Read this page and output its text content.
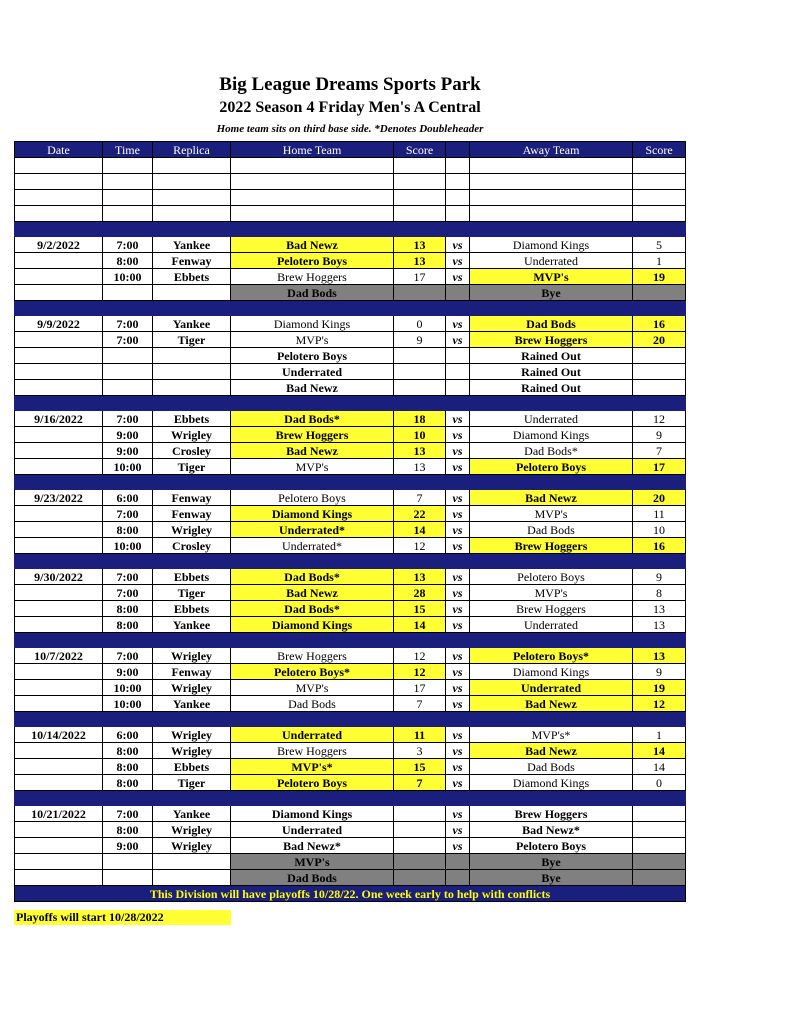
Big League Dreams Sports Park
2022 Season 4 Friday Men's A Central
Home team sits on third base side. *Denotes Doubleheader
Date	Time	Replica	Home Team	Score		Away Team	Score

9/2/2022	7:00	Yankee	Bad Newz	13	vs	Diamond Kings	5
	8:00	Fenway	Pelotero Boys	13	vs	Underrated	1
	10:00	Ebbets	Brew Hoggers	17	vs	MVP's	19
			Dad Bods			Bye	

9/9/2022	7:00	Yankee	Diamond Kings	0	vs	Dad Bods	16
	7:00	Tiger	MVP's	9	vs	Brew Hoggers	20
			Pelotero Boys			Rained Out	
			Underrated			Rained Out	
			Bad Newz			Rained Out	

9/16/2022	7:00	Ebbets	Dad Bods*	18	vs	Underrated	12
	9:00	Wrigley	Brew Hoggers	10	vs	Diamond Kings	9
	9:00	Crosley	Bad Newz	13	vs	Dad Bods*	7
	10:00	Tiger	MVP's	13	vs	Pelotero Boys	17

9/23/2022	6:00	Fenway	Pelotero Boys	7	vs	Bad Newz	20
	7:00	Fenway	Diamond Kings	22	vs	MVP's	11
	8:00	Wrigley	Underrated*	14	vs	Dad Bods	10
	10:00	Crosley	Underrated*	12	vs	Brew Hoggers	16

9/30/2022	7:00	Ebbets	Dad Bods*	13	vs	Pelotero Boys	9
	7:00	Tiger	Bad Newz	28	vs	MVP's	8
	8:00	Ebbets	Dad Bods*	15	vs	Brew Hoggers	13
	8:00	Yankee	Diamond Kings	14	vs	Underrated	13

10/7/2022	7:00	Wrigley	Brew Hoggers	12	vs	Pelotero Boys*	13
	9:00	Fenway	Pelotero Boys*	12	vs	Diamond Kings	9
	10:00	Wrigley	MVP's	17	vs	Underrated	19
	10:00	Yankee	Dad Bods	7	vs	Bad Newz	12

10/14/2022	6:00	Wrigley	Underrated	11	vs	MVP's*	1
	8:00	Wrigley	Brew Hoggers	3	vs	Bad Newz	14
	8:00	Ebbets	MVP's*	15	vs	Dad Bods	14
	8:00	Tiger	Pelotero Boys	7	vs	Diamond Kings	0

10/21/2022	7:00	Yankee	Diamond Kings		vs	Brew Hoggers	
	8:00	Wrigley	Underrated		vs	Bad Newz*	
	9:00	Wrigley	Bad Newz*		vs	Pelotero Boys	
			MVP's			Bye	
			Dad Bods			Bye	
This Division will have playoffs 10/28/22. One week early to help with conflicts							
Playoffs will start 10/28/2022
